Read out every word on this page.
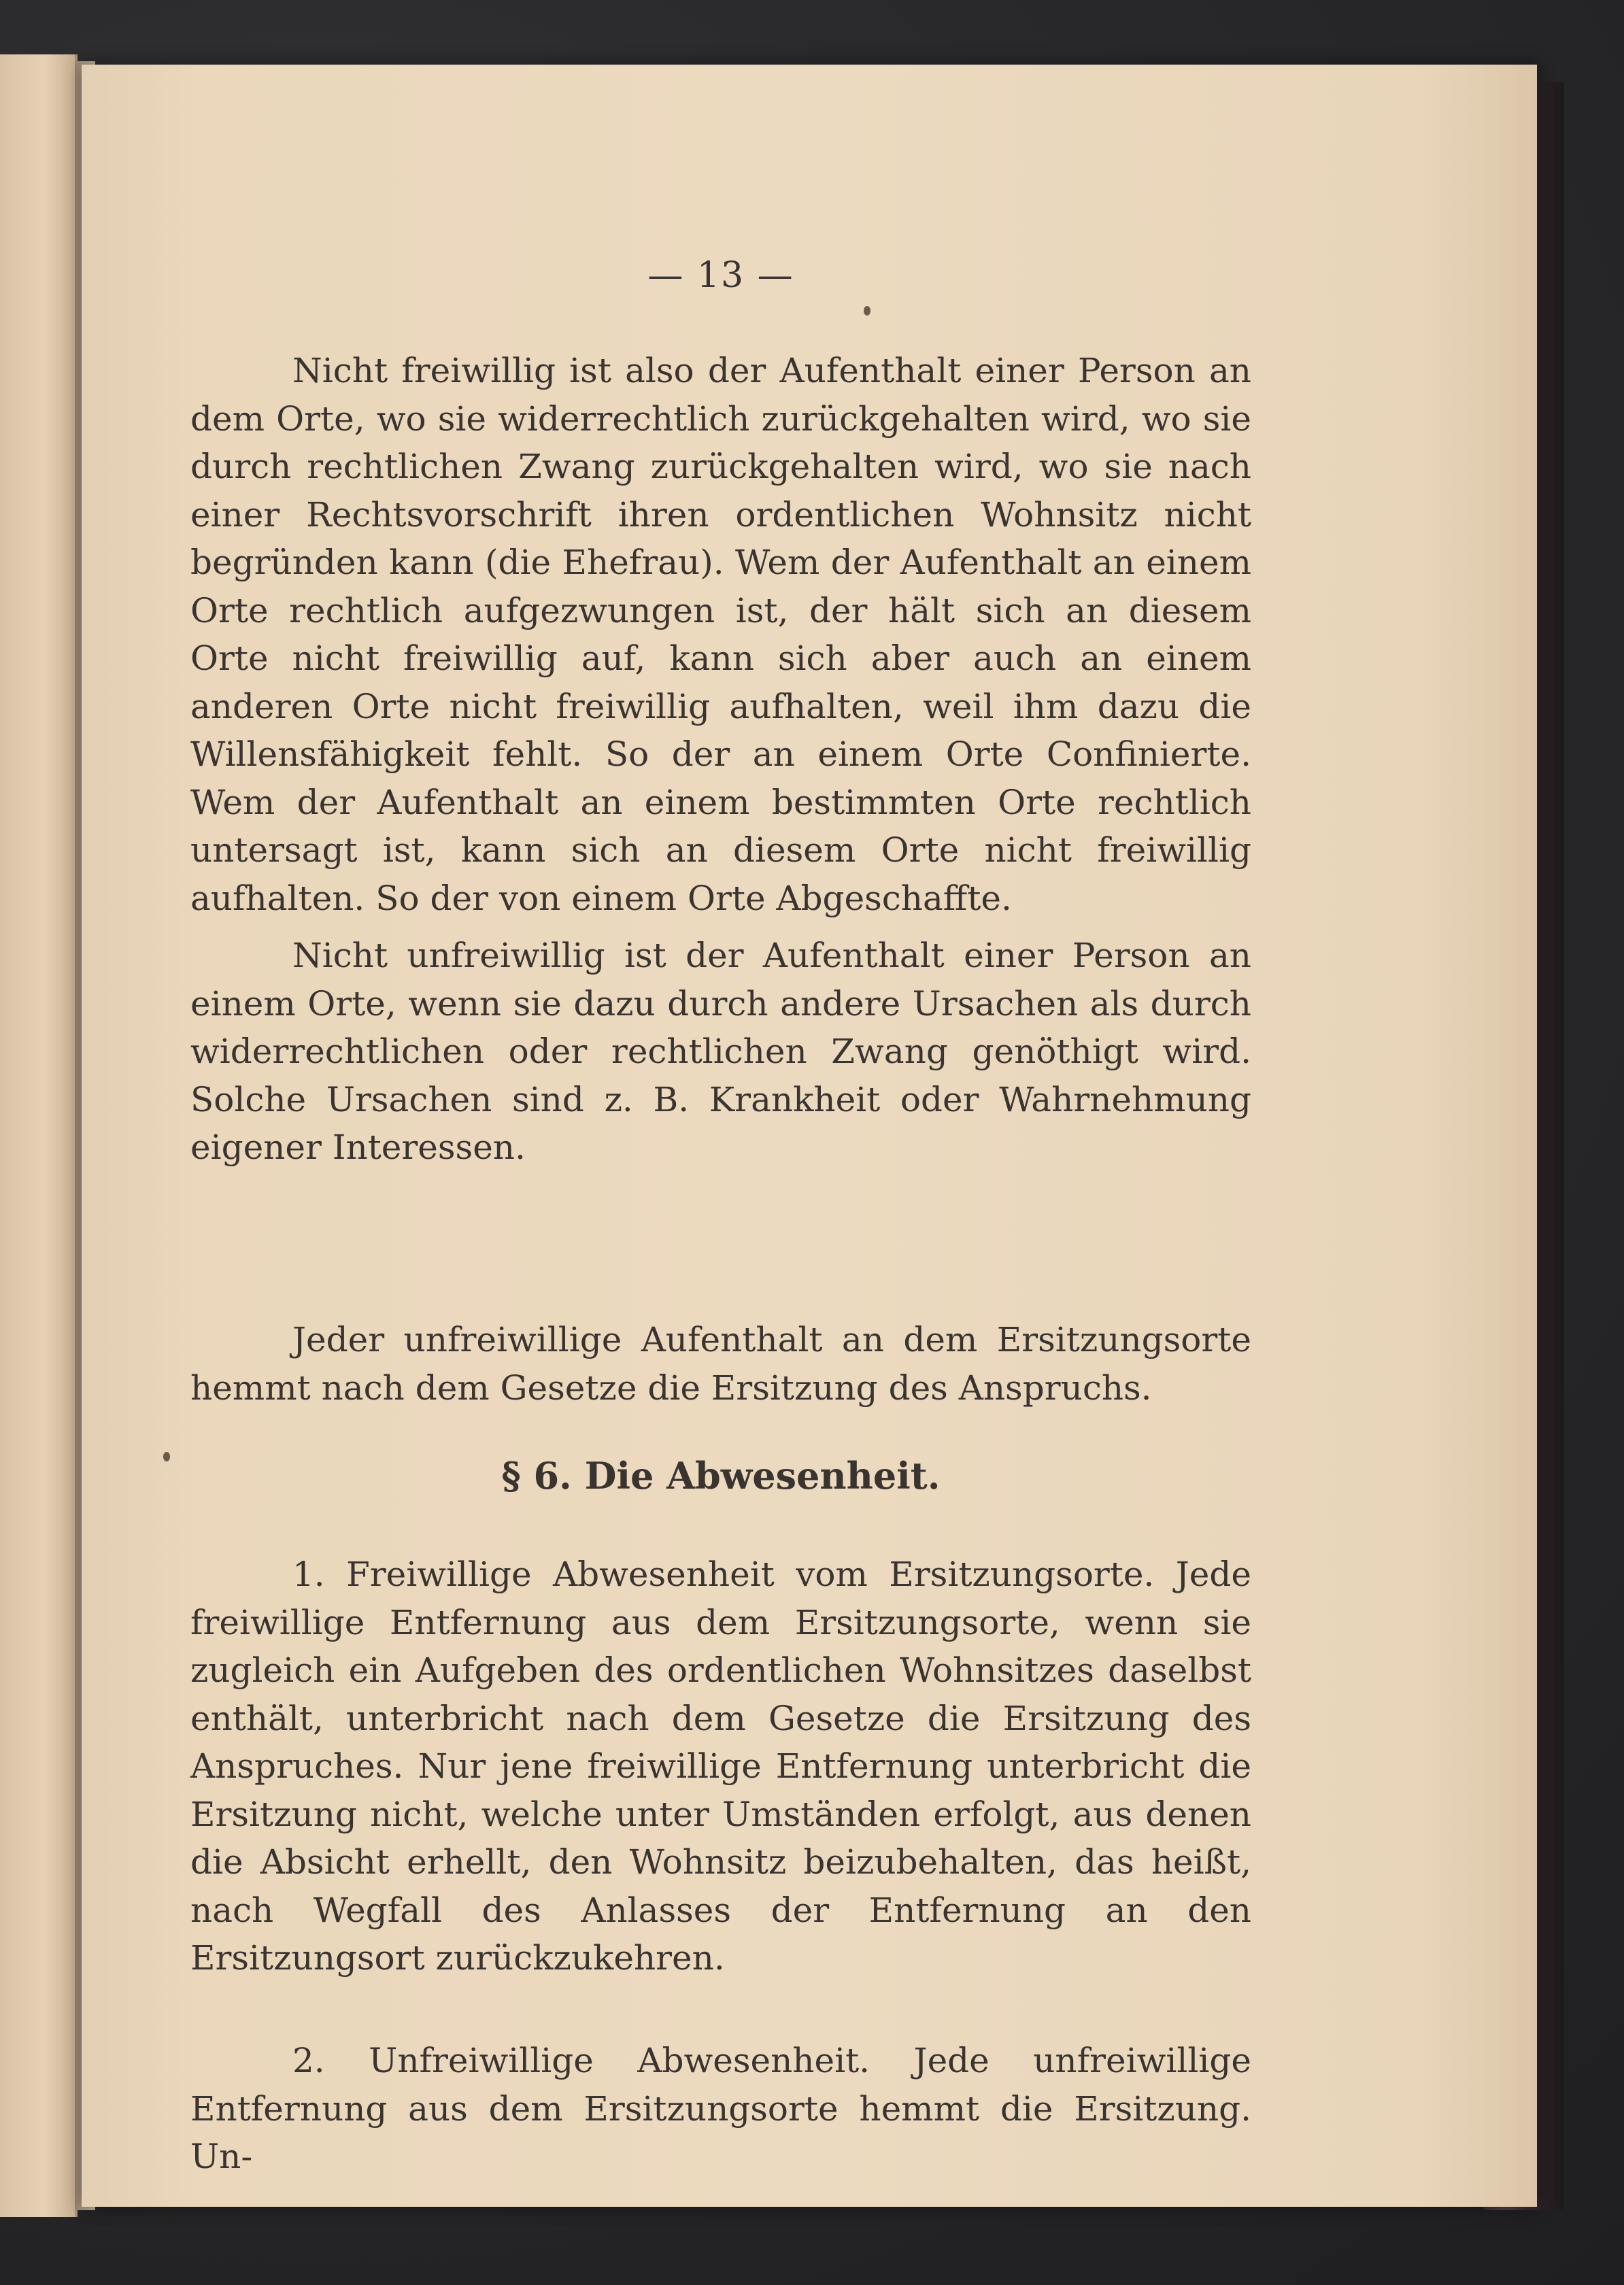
— 13 —

Nicht freiwillig ist also der Aufenthalt einer Person an dem Orte, wo sie widerrechtlich zurückgehalten wird, wo sie durch rechtlichen Zwang zurückgehalten wird, wo sie nach einer Rechtsvorschrift ihren ordentlichen Wohnsitz nicht begründen kann (die Ehefrau). Wem der Aufenthalt an einem Orte rechtlich aufgezwungen ist, der hält sich an diesem Orte nicht freiwillig auf, kann sich aber auch an einem anderen Orte nicht freiwillig aufhalten, weil ihm dazu die Willensfähigkeit fehlt. So der an einem Orte Confinierte. Wem der Aufenthalt an einem bestimmten Orte rechtlich untersagt ist, kann sich an diesem Orte nicht freiwillig aufhalten. So der von einem Orte Abgeschaffte.

Nicht unfreiwillig ist der Aufenthalt einer Person an einem Orte, wenn sie dazu durch andere Ursachen als durch widerrechtlichen oder rechtlichen Zwang genöthigt wird. Solche Ursachen sind z. B. Krankheit oder Wahrnehmung eigener Interessen.

Jeder unfreiwillige Aufenthalt an dem Ersitzungsorte hemmt nach dem Gesetze die Ersitzung des Anspruchs.

§ 6. Die Abwesenheit.

1. Freiwillige Abwesenheit vom Ersitzungsorte. Jede freiwillige Entfernung aus dem Ersitzungsorte, wenn sie zugleich ein Aufgeben des ordentlichen Wohnsitzes daselbst enthält, unterbricht nach dem Gesetze die Ersitzung des Anspruches. Nur jene freiwillige Entfernung unterbricht die Ersitzung nicht, welche unter Umständen erfolgt, aus denen die Absicht erhellt, den Wohnsitz beizubehalten, das heißt, nach Wegfall des Anlasses der Entfernung an den Ersitzungsort zurückzukehren.

2. Unfreiwillige Abwesenheit. Jede unfreiwillige Entfernung aus dem Ersitzungsorte hemmt die Ersitzung. Un-
